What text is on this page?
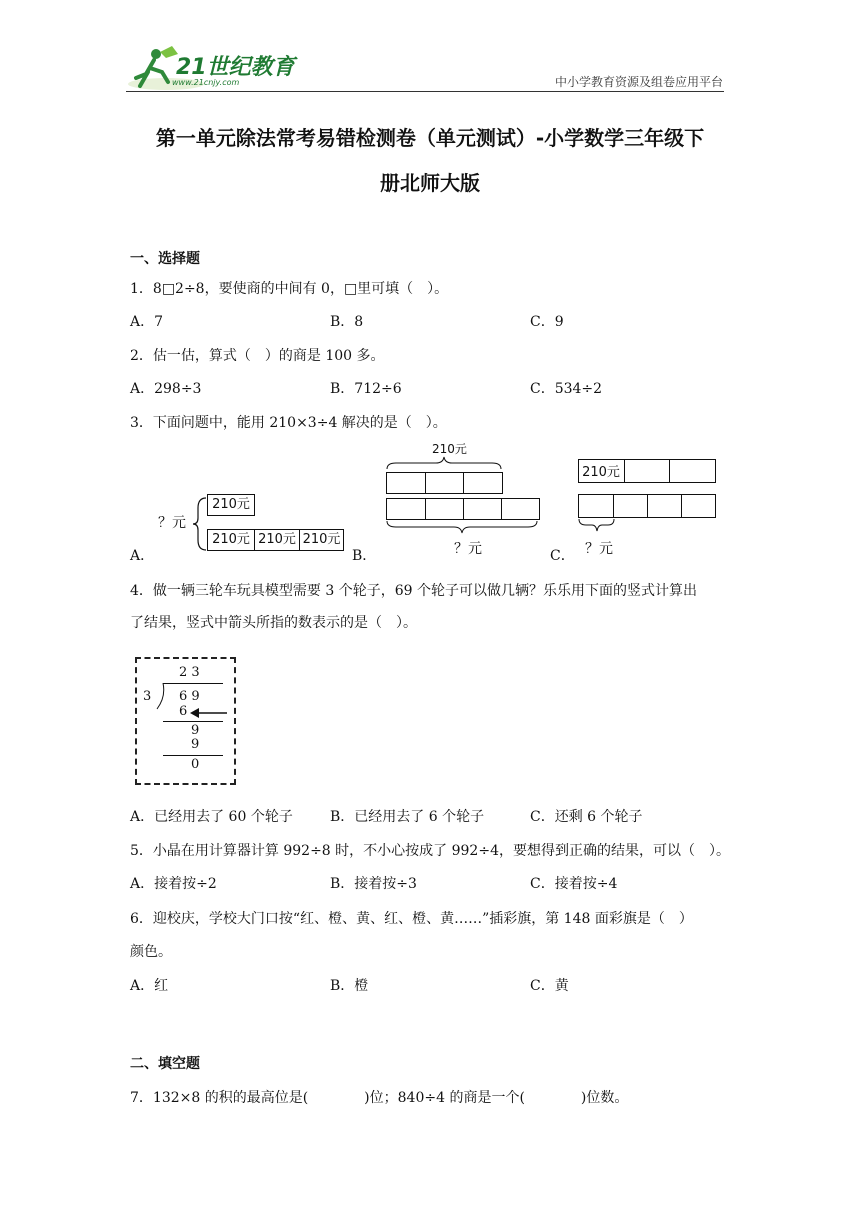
21世纪教育
www.21cnjy.com	中小学教育资源及组卷应用平台
第一单元除法常考易错检测卷（单元测试）-小学数学三年级下
册北师大版
一、选择题
1．8□2÷8，要使商的中间有 0，□里可填（　）。
A．7	B．8	C．9
2．估一估，算式（　）的商是 100 多。
A．298÷3	B．712÷6	C．534÷2
3．下面问题中，能用 210×3÷4 解决的是（　）。
A．
？元
210元
210元 210元 210元
B．
210元
？元	C．
210元
？元
4．做一辆三轮车玩具模型需要 3 个轮子，69 个轮子可以做几辆？乐乐用下面的竖式计算出
了结果，竖式中箭头所指的数表示的是（　）。
2 3
3 6 9
6
9
9
0
A．已经用去了 60 个轮子	B．已经用去了 6 个轮子	C．还剩 6 个轮子
5．小晶在用计算器计算 992÷8 时，不小心按成了 992÷4，要想得到正确的结果，可以（　）。
A．接着按÷2	B．接着按÷3	C．接着按÷4
6．迎校庆，学校大门口按“红、橙、黄、红、橙、黄……”插彩旗，第 148 面彩旗是（　）
颜色。
A．红	B．橙	C．黄
二、填空题
7．132×8 的积的最高位是(　　　　)位；840÷4 的商是一个(　　　　)位数。
